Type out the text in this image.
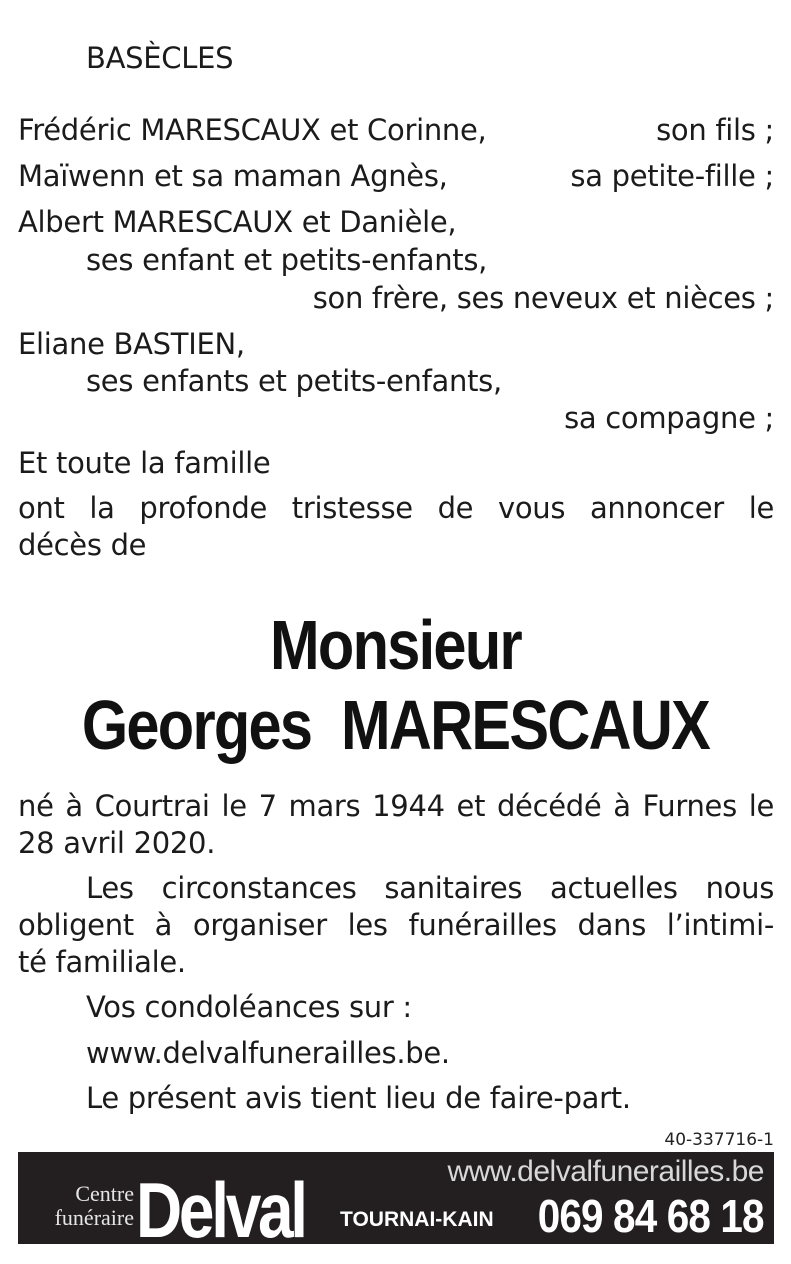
BASÈCLES
Frédéric MARESCAUX et Corinne,	son fils ;
Maïwenn et sa maman Agnès,	sa petite-fille ;
Albert MARESCAUX et Danièle,
ses enfant et petits-enfants,
son frère, ses neveux et nièces ;
Eliane BASTIEN,
ses enfants et petits-enfants,
sa compagne ;
Et toute la famille
ont la profonde tristesse de vous annoncer le
décès de
Monsieur
Georges  MARESCAUX
né à Courtrai le 7 mars 1944 et décédé à Furnes le
28 avril 2020.
Les circonstances sanitaires actuelles nous
obligent à organiser les funérailles dans l’intimi-
té familiale.
Vos condoléances sur :
www.delvalfunerailles.be.
Le présent avis tient lieu de faire-part.
40-337716-1
www.delvalfunerailles.be
Centre
funéraire Delval TOURNAI-KAIN 069 84 68 18
